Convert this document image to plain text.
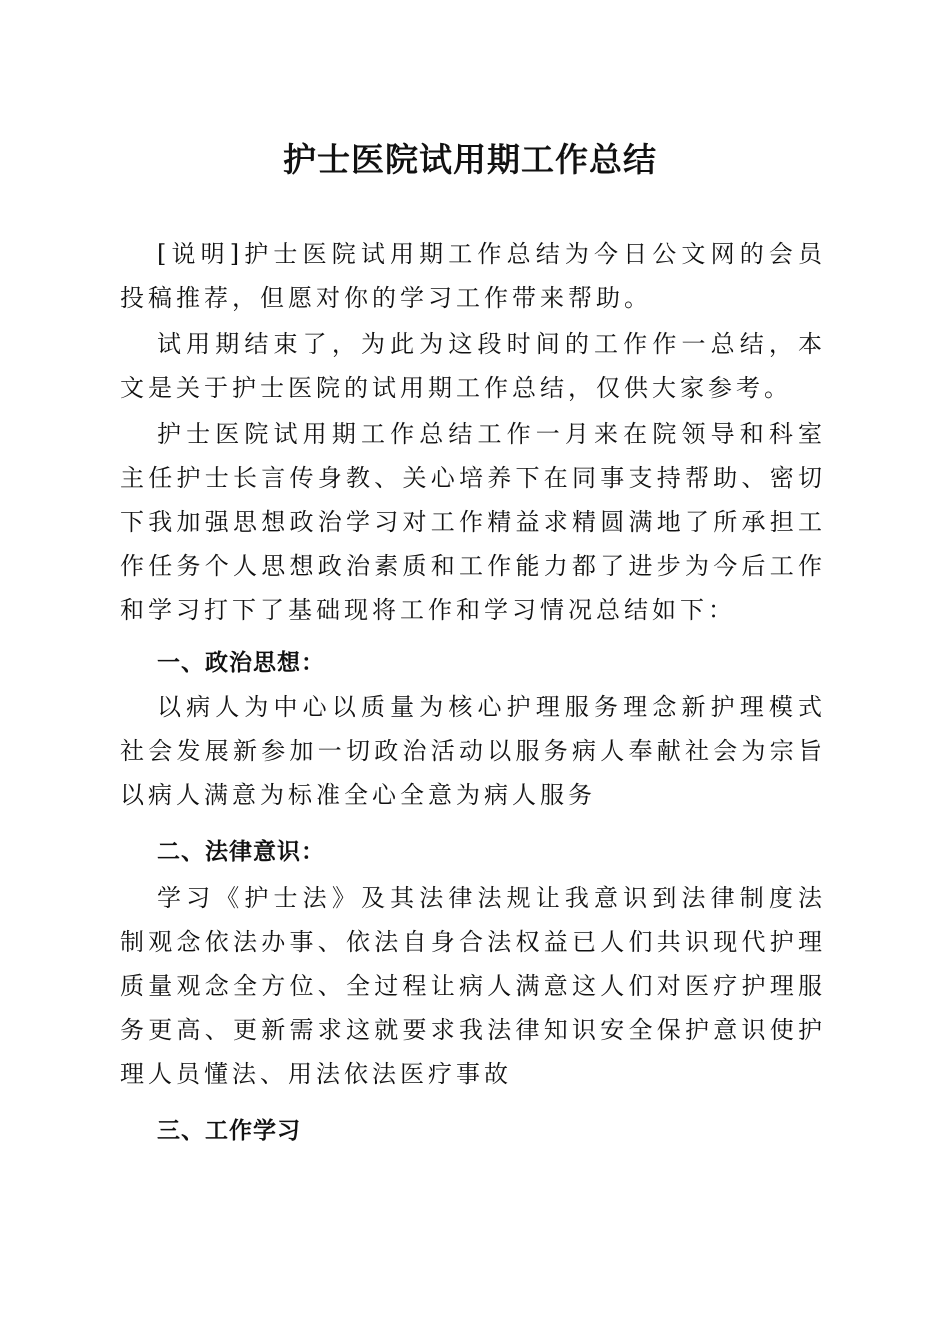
护士医院试用期工作总结

[说明]护士医院试用期工作总结为今日公文网的会员投稿推荐，但愿对你的学习工作带来帮助。

试用期结束了，为此为这段时间的工作作一总结，本文是关于护士医院的试用期工作总结，仅供大家参考。

护士医院试用期工作总结工作一月来在院领导和科室主任护士长言传身教、关心培养下在同事支持帮助、密切下我加强思想政治学习对工作精益求精圆满地了所承担工作任务个人思想政治素质和工作能力都了进步为今后工作和学习打下了基础现将工作和学习情况总结如下：

一、政治思想：

以病人为中心以质量为核心护理服务理念新护理模式社会发展新参加一切政治活动以服务病人奉献社会为宗旨以病人满意为标准全心全意为病人服务

二、法律意识：

学习《护士法》及其法律法规让我意识到法律制度法制观念依法办事、依法自身合法权益已人们共识现代护理质量观念全方位、全过程让病人满意这人们对医疗护理服务更高、更新需求这就要求我法律知识安全保护意识使护理人员懂法、用法依法医疗事故

三、工作学习
